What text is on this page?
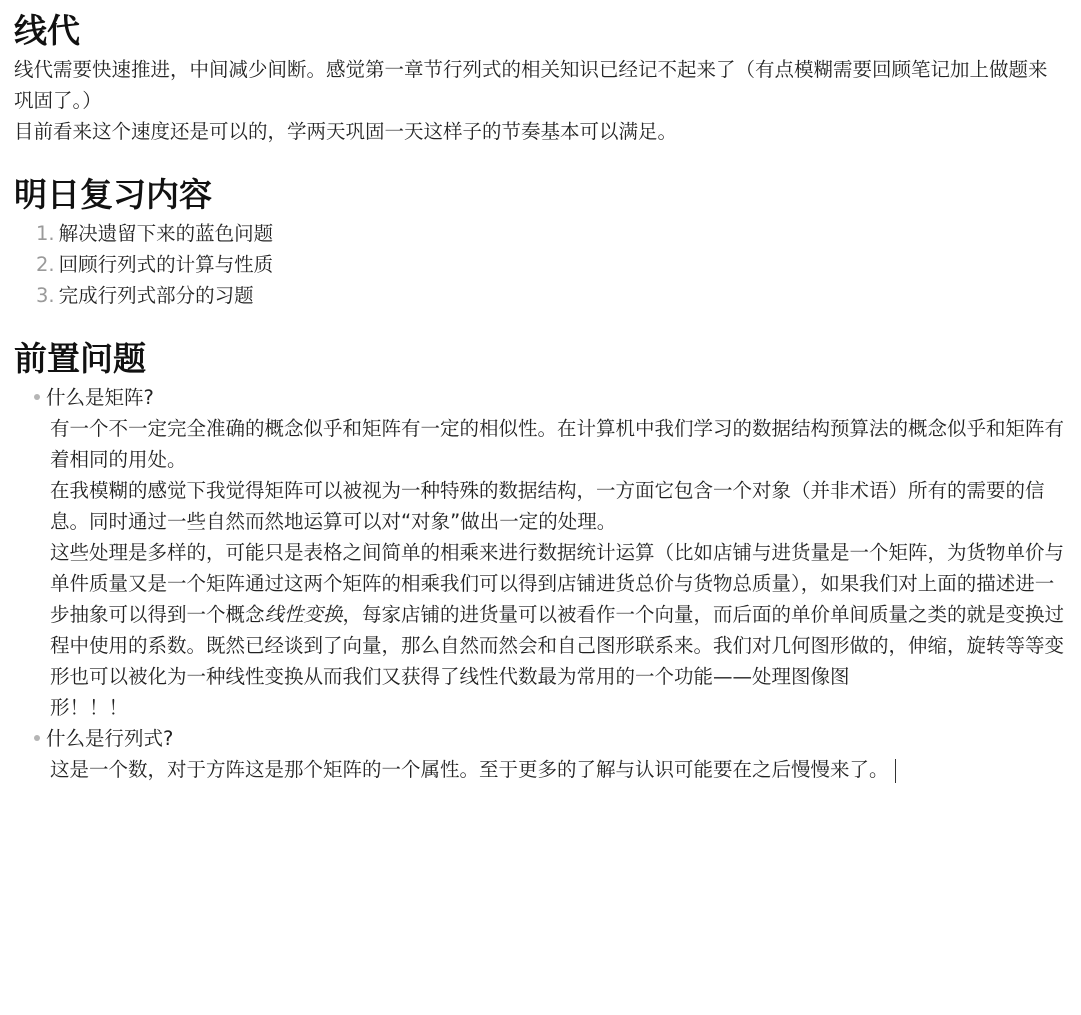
线代

线代需要快速推进，中间减少间断。感觉第一章节行列式的相关知识已经记不起来了（有点模糊需要回顾笔记加上做题来巩固了。）

目前看来这个速度还是可以的，学两天巩固一天这样子的节奏基本可以满足。

明日复习内容
1. 解决遗留下来的蓝色问题
2. 回顾行列式的计算与性质
3. 完成行列式部分的习题
前置问题
什么是矩阵?

有一个不一定完全准确的概念似乎和矩阵有一定的相似性。在计算机中我们学习的数据结构预算法的概念似乎和矩阵有着相同的用处。

在我模糊的感觉下我觉得矩阵可以被视为一种特殊的数据结构，一方面它包含一个对象（并非术语）所有的需要的信息。同时通过一些自然而然地运算可以对“对象”做出一定的处理。

这些处理是多样的，可能只是表格之间简单的相乘来进行数据统计运算（比如店铺与进货量是一个矩阵，为货物单价与单件质量又是一个矩阵通过这两个矩阵的相乘我们可以得到店铺进货总价与货物总质量），如果我们对上面的描述进一步抽象可以得到一个概念线性变换，每家店铺的进货量可以被看作一个向量，而后面的单价单间质量之类的就是变换过程中使用的系数。既然已经谈到了向量，那么自然而然会和自己图形联系来。我们对几何图形做的，伸缩，旋转等等变形也可以被化为一种线性变换从而我们又获得了线性代数最为常用的一个功能——处理图像图
形！！！

什么是行列式?

这是一个数，对于方阵这是那个矩阵的一个属性。至于更多的了解与认识可能要在之后慢慢来了。
